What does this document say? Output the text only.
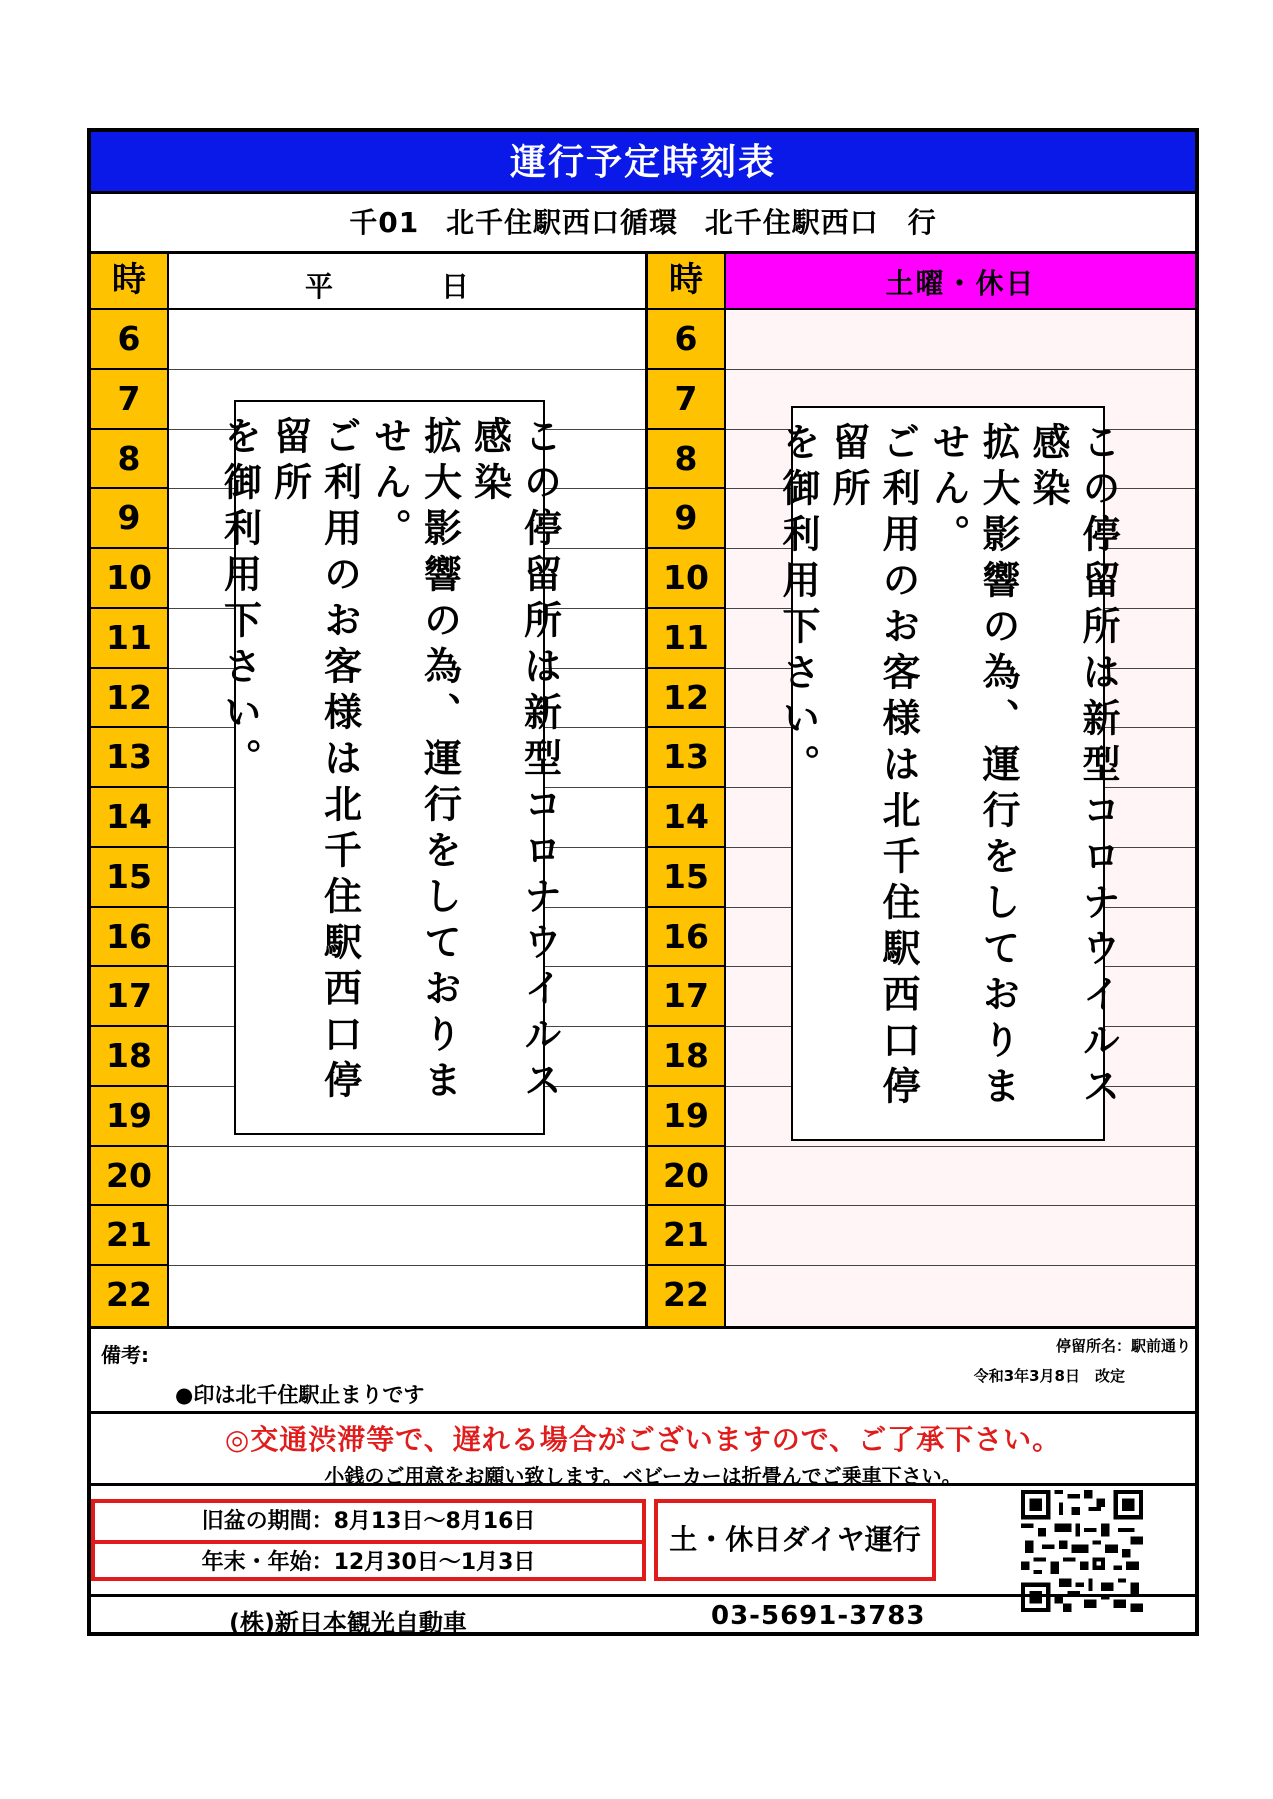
運行予定時刻表
千01 北千住駅西口循環 北千住駅西口　行
時
6
7
8
9
10
11
12
13
14
15
16
17
18
19
20
21
22
平　日
この停留所は新型コロナウイルス感染
拡大影響の為、運行をしておりません。
ご利用のお客様は北千住駅西口停留所
を御利用下さい。
時
6
7
8
9
10
11
12
13
14
15
16
17
18
19
20
21
22
土曜・休日
この停留所は新型コロナウイルス感染
拡大影響の為、運行をしておりません。
ご利用のお客様は北千住駅西口停留所
を御利用下さい。
備考:
●印は北千住駅止まりです
停留所名：駅前通り
令和3年3月8日　改定
◎交通渋滞等で、遅れる場合がございますので、ご了承下さい。
小銭のご用意をお願い致します。ベビーカーは折畳んでご乗車下さい。
旧盆の期間：8月13日～8月16日
年末・年始：12月30日～1月3日
土・休日ダイヤ運行
(株)新日本観光自動車	03-5691-3783
